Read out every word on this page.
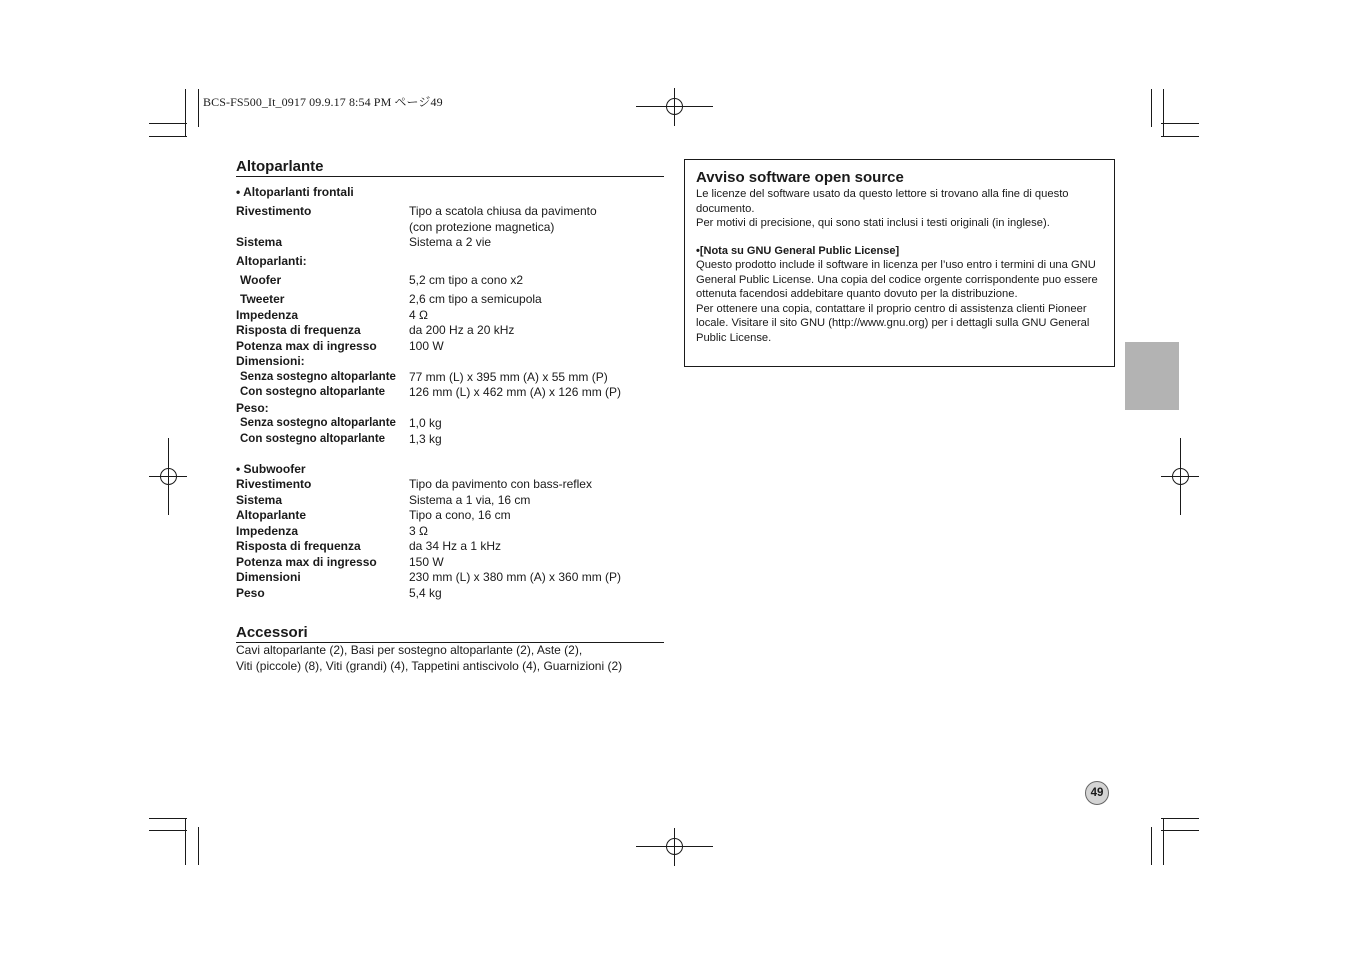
BCS-FS500_It_0917 09.9.17 8:54 PM ページ49
Altoparlante
• Altoparlanti frontali
Rivestimento	Tipo a scatola chiusa da pavimento
(con protezione magnetica)
Sistema	Sistema a 2 vie
Altoparlanti:
Woofer	5,2 cm tipo a cono x2
Tweeter	2,6 cm tipo a semicupola
Impedenza	4 Ω
Risposta di frequenza	da 200 Hz a 20 kHz
Potenza max di ingresso	100 W
Dimensioni:
Senza sostegno altoparlante	77 mm (L) x 395 mm (A) x 55 mm (P)
Con sostegno altoparlante	126 mm (L) x 462 mm (A) x 126 mm (P)
Peso:
Senza sostegno altoparlante	1,0 kg
Con sostegno altoparlante	1,3 kg
• Subwoofer
Rivestimento	Tipo da pavimento con bass-reflex
Sistema	Sistema a 1 via, 16 cm
Altoparlante	Tipo a cono, 16 cm
Impedenza	3 Ω
Risposta di frequenza	da 34 Hz a 1 kHz
Potenza max di ingresso	150 W
Dimensioni	230 mm (L) x 380 mm (A) x 360 mm (P)
Peso	5,4 kg
Accessori
Cavi altoparlante (2), Basi per sostegno altoparlante (2), Aste (2),
Viti (piccole) (8), Viti (grandi) (4), Tappetini antiscivolo (4), Guarnizioni (2)
Avviso software open source

Le licenze del software usato da questo lettore si trovano alla fine di questo documento.

Per motivi di precisione, qui sono stati inclusi i testi originali (in inglese).

•[Nota su GNU General Public License]

Questo prodotto include il software in licenza per l’uso entro i termini di una GNU General Public License. Una copia del codice orgente corrispondente puo essere ottenuta facendosi addebitare quanto dovuto per la distribuzione.

Per ottenere una copia, contattare il proprio centro di assistenza clienti Pioneer locale. Visitare il sito GNU (http://www.gnu.org) per i dettagli sulla GNU General Public License.

49
